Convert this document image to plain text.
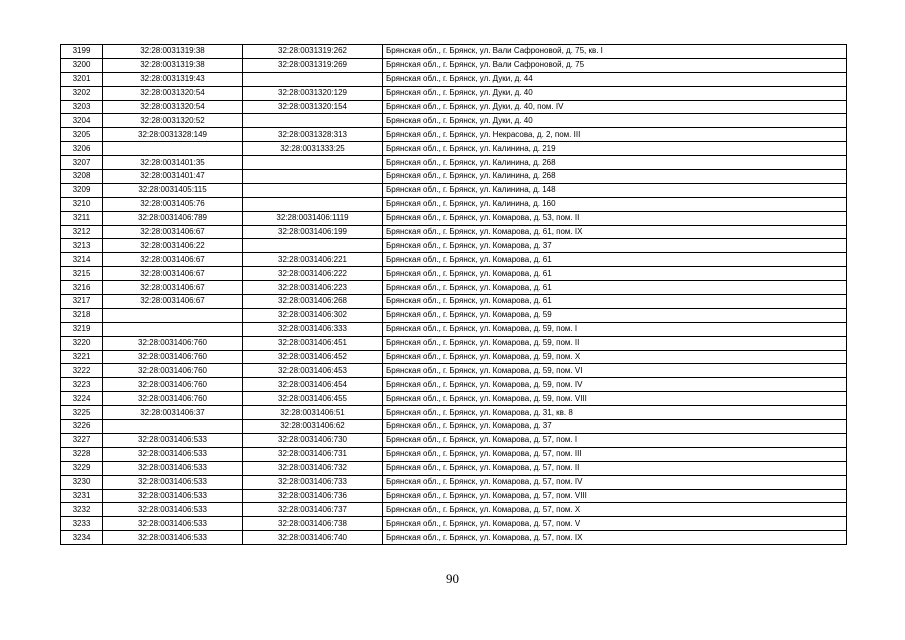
3199	32:28:0031319:38	32:28:0031319:262	Брянская обл., г. Брянск, ул. Вали Сафроновой, д. 75, кв. I
3200	32:28:0031319:38	32:28:0031319:269	Брянская обл., г. Брянск, ул. Вали Сафроновой, д. 75
3201	32:28:0031319:43		Брянская обл., г. Брянск, ул. Дуки, д. 44
3202	32:28:0031320:54	32:28:0031320:129	Брянская обл., г. Брянск, ул. Дуки, д. 40
3203	32:28:0031320:54	32:28:0031320:154	Брянская обл., г. Брянск, ул. Дуки, д. 40, пом. IV
3204	32:28:0031320:52		Брянская обл., г. Брянск, ул. Дуки, д. 40
3205	32:28:0031328:149	32:28:0031328:313	Брянская обл., г. Брянск, ул. Некрасова, д. 2, пом. III
3206		32:28:0031333:25	Брянская обл., г. Брянск, ул. Калинина, д. 219
3207	32:28:0031401:35		Брянская обл., г. Брянск, ул. Калинина, д. 268
3208	32:28:0031401:47		Брянская обл., г. Брянск, ул. Калинина, д. 268
3209	32:28:0031405:115		Брянская обл., г. Брянск, ул. Калинина, д. 148
3210	32:28:0031405:76		Брянская обл., г. Брянск, ул. Калинина, д. 160
3211	32:28:0031406:789	32:28:0031406:1119	Брянская обл., г. Брянск, ул. Комарова, д. 53, пом. II
3212	32:28:0031406:67	32:28:0031406:199	Брянская обл., г. Брянск, ул. Комарова, д. 61, пом. IX
3213	32:28:0031406:22		Брянская обл., г. Брянск, ул. Комарова, д. 37
3214	32:28:0031406:67	32:28:0031406:221	Брянская обл., г. Брянск, ул. Комарова, д. 61
3215	32:28:0031406:67	32:28:0031406:222	Брянская обл., г. Брянск, ул. Комарова, д. 61
3216	32:28:0031406:67	32:28:0031406:223	Брянская обл., г. Брянск, ул. Комарова, д. 61
3217	32:28:0031406:67	32:28:0031406:268	Брянская обл., г. Брянск, ул. Комарова, д. 61
3218		32:28:0031406:302	Брянская обл., г. Брянск, ул. Комарова, д. 59
3219		32:28:0031406:333	Брянская обл., г. Брянск, ул. Комарова, д. 59, пом. I
3220	32:28:0031406:760	32:28:0031406:451	Брянская обл., г. Брянск, ул. Комарова, д. 59, пом. II
3221	32:28:0031406:760	32:28:0031406:452	Брянская обл., г. Брянск, ул. Комарова, д. 59, пом. X
3222	32:28:0031406:760	32:28:0031406:453	Брянская обл., г. Брянск, ул. Комарова, д. 59, пом. VI
3223	32:28:0031406:760	32:28:0031406:454	Брянская обл., г. Брянск, ул. Комарова, д. 59, пом. IV
3224	32:28:0031406:760	32:28:0031406:455	Брянская обл., г. Брянск, ул. Комарова, д. 59, пом. VIII
3225	32:28:0031406:37	32:28:0031406:51	Брянская обл., г. Брянск, ул. Комарова, д. 31, кв. 8
3226		32:28:0031406:62	Брянская обл., г. Брянск, ул. Комарова, д. 37
3227	32:28:0031406:533	32:28:0031406:730	Брянская обл., г. Брянск, ул. Комарова, д. 57, пом. I
3228	32:28:0031406:533	32:28:0031406:731	Брянская обл., г. Брянск, ул. Комарова, д. 57, пом. III
3229	32:28:0031406:533	32:28:0031406:732	Брянская обл., г. Брянск, ул. Комарова, д. 57, пом. II
3230	32:28:0031406:533	32:28:0031406:733	Брянская обл., г. Брянск, ул. Комарова, д. 57, пом. IV
3231	32:28:0031406:533	32:28:0031406:736	Брянская обл., г. Брянск, ул. Комарова, д. 57, пом. VIII
3232	32:28:0031406:533	32:28:0031406:737	Брянская обл., г. Брянск, ул. Комарова, д. 57, пом. X
3233	32:28:0031406:533	32:28:0031406:738	Брянская обл., г. Брянск, ул. Комарова, д. 57, пом. V
3234	32:28:0031406:533	32:28:0031406:740	Брянская обл., г. Брянск, ул. Комарова, д. 57, пом. IX
90
